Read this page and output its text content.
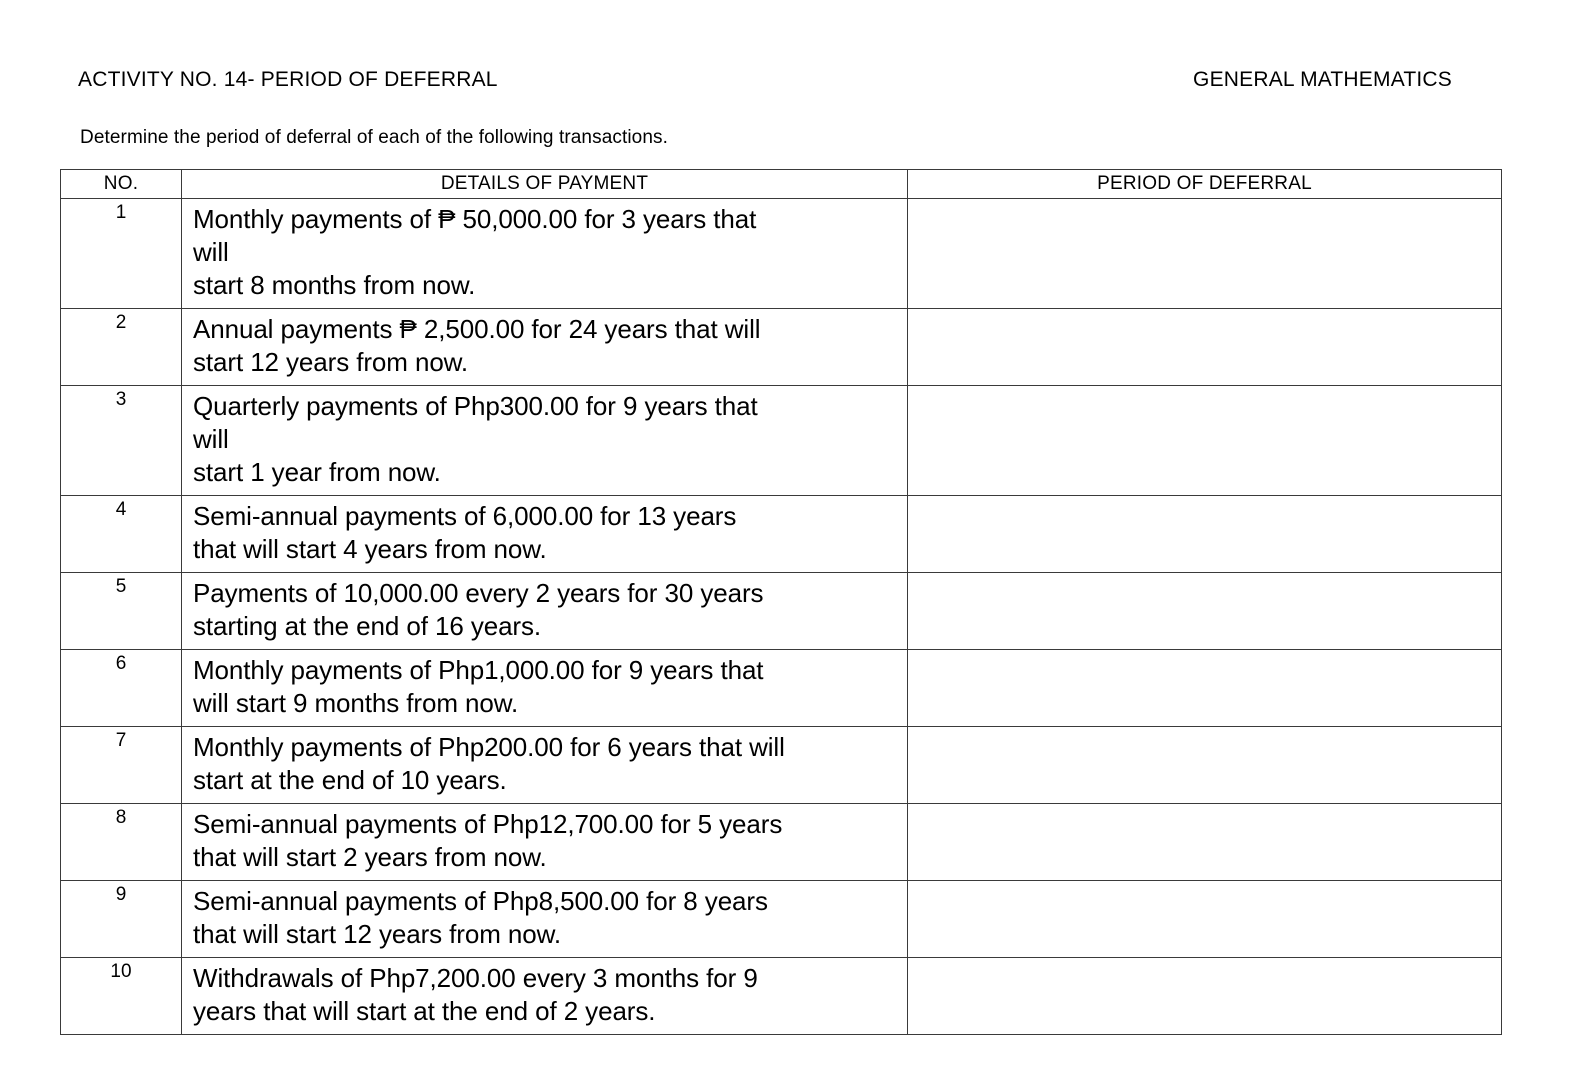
ACTIVITY NO. 14- PERIOD OF DEFERRAL	GENERAL MATHEMATICS
Determine the period of deferral of each of the following transactions.
NO.	DETAILS OF PAYMENT	PERIOD OF DEFERRAL
1	Monthly payments of ₱ 50,000.00 for 3 years that
will
start 8 months from now.	

2	Annual payments ₱ 2,500.00 for 24 years that will
start 12 years from now.	

3	Quarterly payments of Php300.00 for 9 years that
will
start 1 year from now.	

4	Semi-annual payments of 6,000.00 for 13 years
that will start 4 years from now.	

5	Payments of 10,000.00 every 2 years for 30 years
starting at the end of 16 years.	

6	Monthly payments of Php1,000.00 for 9 years that
will start 9 months from now.	

7	Monthly payments of Php200.00 for 6 years that will
start at the end of 10 years.	

8	Semi-annual payments of Php12,700.00 for 5 years
that will start 2 years from now.	

9	Semi-annual payments of Php8,500.00 for 8 years
that will start 12 years from now.	

10	Withdrawals of Php7,200.00 every 3 months for 9
years that will start at the end of 2 years.	
